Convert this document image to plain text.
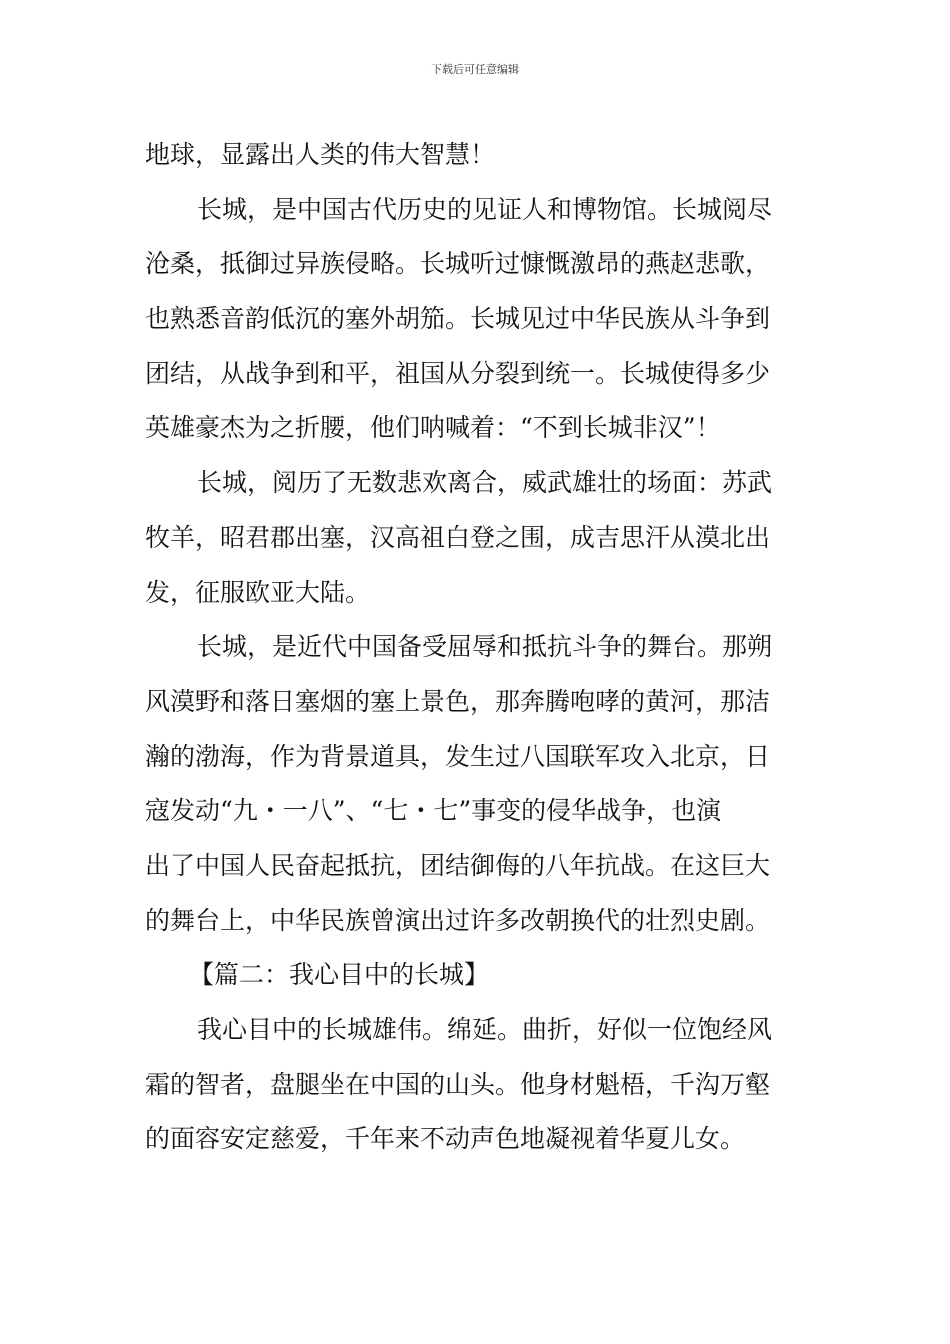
下载后可任意编辑
地球，显露出人类的伟大智慧！
长城，是中国古代历史的见证人和博物馆。长城阅尽
沧桑，抵御过异族侵略。长城听过慷慨激昂的燕赵悲歌，
也熟悉音韵低沉的塞外胡笳。长城见过中华民族从斗争到
团结，从战争到和平，祖国从分裂到统一。长城使得多少
英雄豪杰为之折腰，他们呐喊着：“不到长城非汉”！
长城，阅历了无数悲欢离合，威武雄壮的场面：苏武
牧羊，昭君郡出塞，汉高祖白登之围，成吉思汗从漠北出
发，征服欧亚大陆。
长城，是近代中国备受屈辱和抵抗斗争的舞台。那朔
风漠野和落日塞烟的塞上景色，那奔腾咆哮的黄河，那洁
瀚的渤海，作为背景道具，发生过八国联军攻入北京，日
寇发动“九・一八”、“七・七”事变的侵华战争，也演
出了中国人民奋起抵抗，团结御侮的八年抗战。在这巨大
的舞台上，中华民族曾演出过许多改朝换代的壮烈史剧。
【篇二：我心目中的长城】
我心目中的长城雄伟。绵延。曲折，好似一位饱经风
霜的智者，盘腿坐在中国的山头。他身材魁梧，千沟万壑
的面容安定慈爱，千年来不动声色地凝视着华夏儿女。
